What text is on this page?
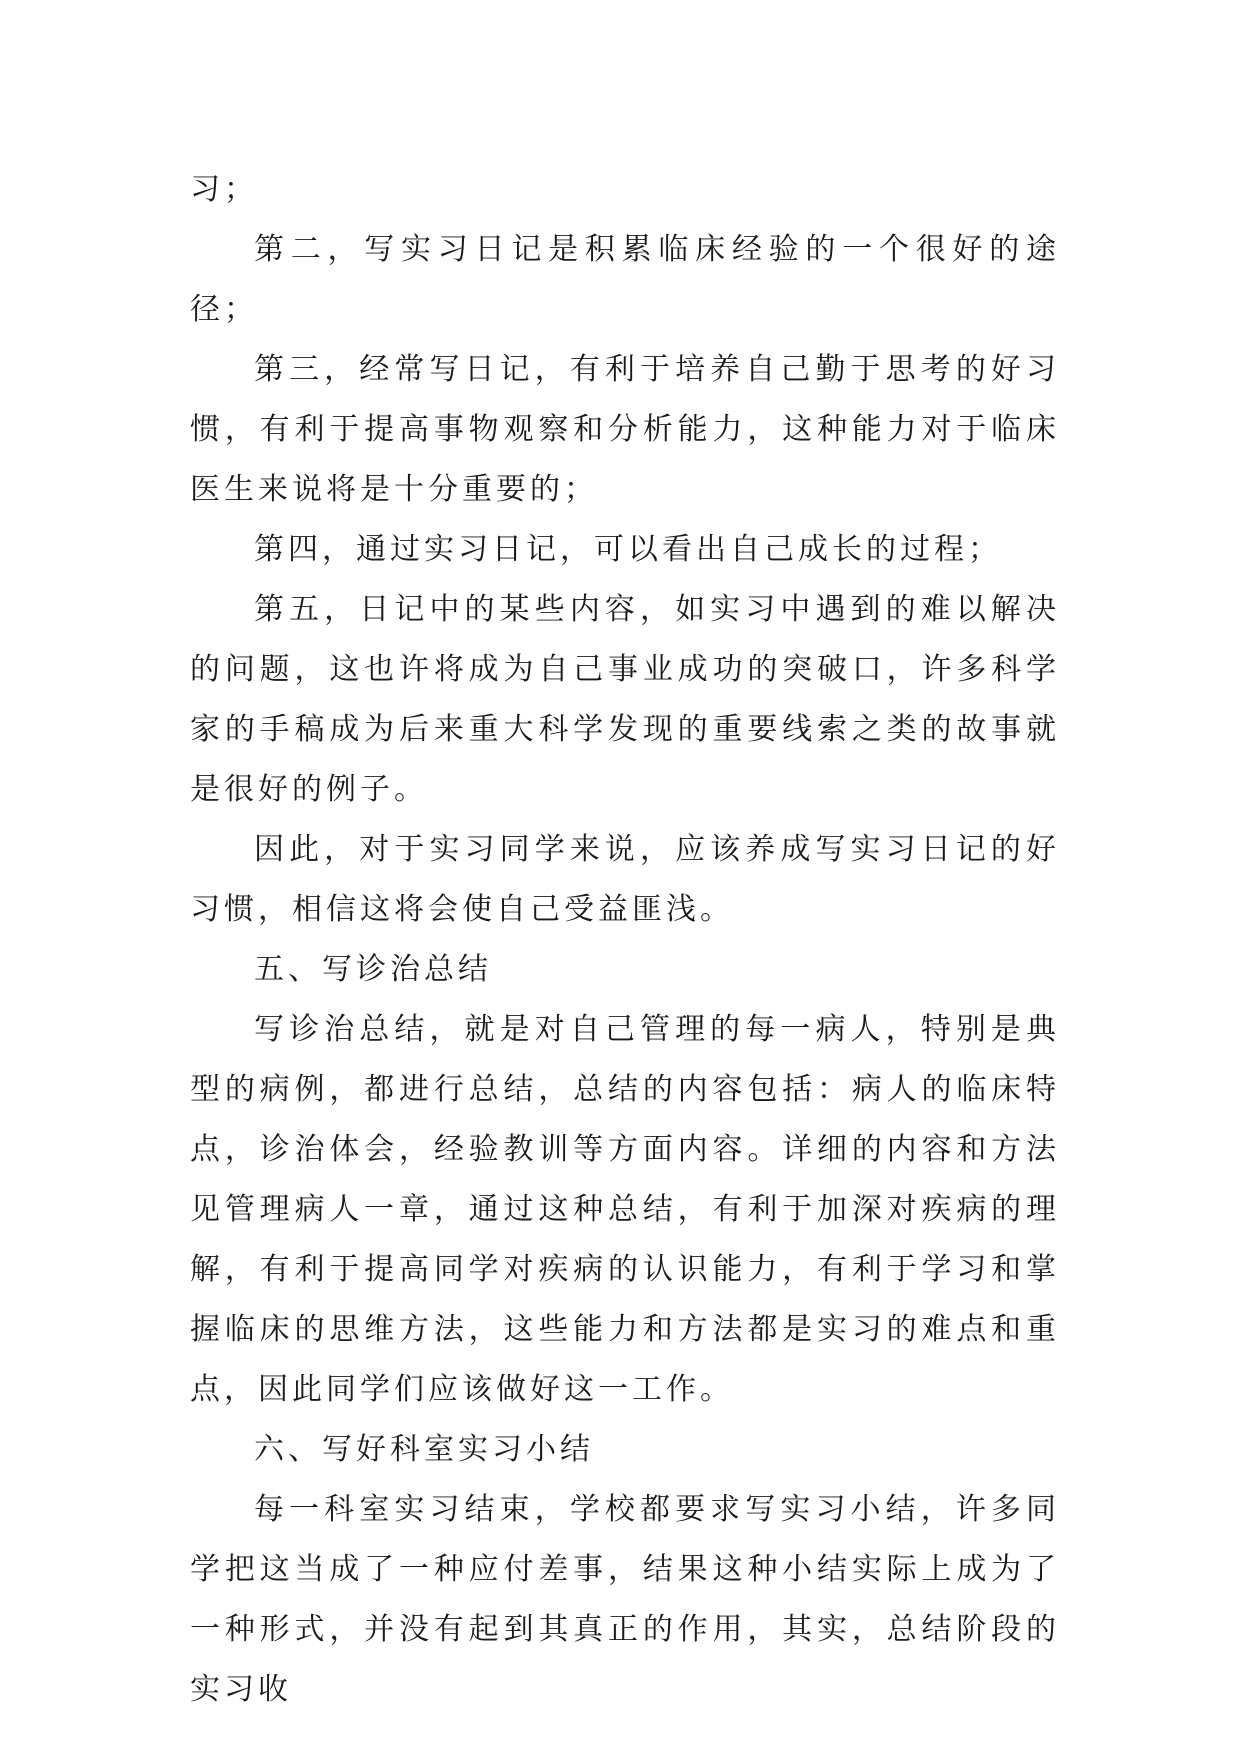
习；

第二，写实习日记是积累临床经验的一个很好的途径；

第三，经常写日记，有利于培养自己勤于思考的好习惯，有利于提高事物观察和分析能力，这种能力对于临床医生来说将是十分重要的；

第四，通过实习日记，可以看出自己成长的过程；

第五，日记中的某些内容，如实习中遇到的难以解决的问题，这也许将成为自己事业成功的突破口，许多科学家的手稿成为后来重大科学发现的重要线索之类的故事就是很好的例子。

因此，对于实习同学来说，应该养成写实习日记的好习惯，相信这将会使自己受益匪浅。

五、写诊治总结

写诊治总结，就是对自己管理的每一病人，特别是典型的病例，都进行总结，总结的内容包括：病人的临床特点，诊治体会，经验教训等方面内容。详细的内容和方法见管理病人一章，通过这种总结，有利于加深对疾病的理解，有利于提高同学对疾病的认识能力，有利于学习和掌握临床的思维方法，这些能力和方法都是实习的难点和重点，因此同学们应该做好这一工作。

六、写好科室实习小结

每一科室实习结束，学校都要求写实习小结，许多同学把这当成了一种应付差事，结果这种小结实际上成为了一种形式，并没有起到其真正的作用，其实，总结阶段的实习收
